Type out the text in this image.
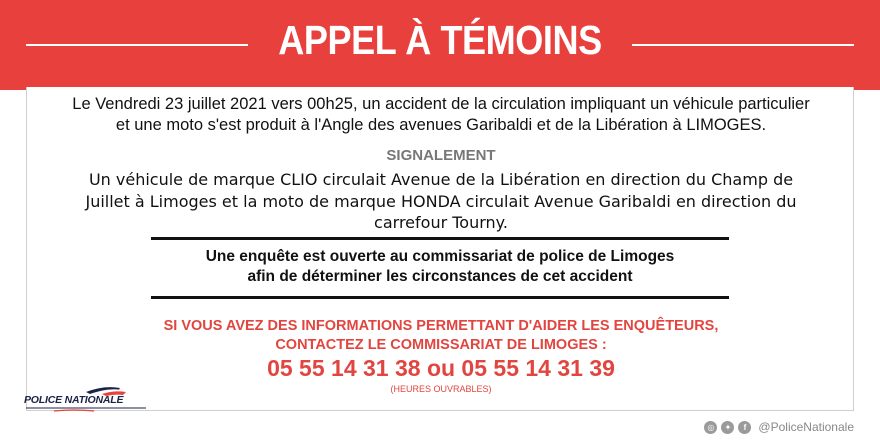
APPEL À TÉMOINS
Le Vendredi 23 juillet 2021 vers 00h25, un accident de la circulation impliquant un véhicule particulier
et une moto s'est produit à l'Angle des avenues Garibaldi et de la Libération à LIMOGES.
SIGNALEMENT
Un véhicule de marque CLIO circulait Avenue de la Libération en direction du Champ de
Juillet à Limoges et la moto de marque HONDA circulait Avenue Garibaldi en direction du
carrefour Tourny.
Une enquête est ouverte au commissariat de police de Limoges
afin de déterminer les circonstances de cet accident
SI VOUS AVEZ DES INFORMATIONS PERMETTANT D'AIDER LES ENQUÊTEURS,
CONTACTEZ LE COMMISSARIAT DE LIMOGES :
05 55 14 31 38 ou 05 55 14 31 39
(HEURES OUVRABLES)
POLICE NATIONALE
◎	✦	f	@PoliceNationale
